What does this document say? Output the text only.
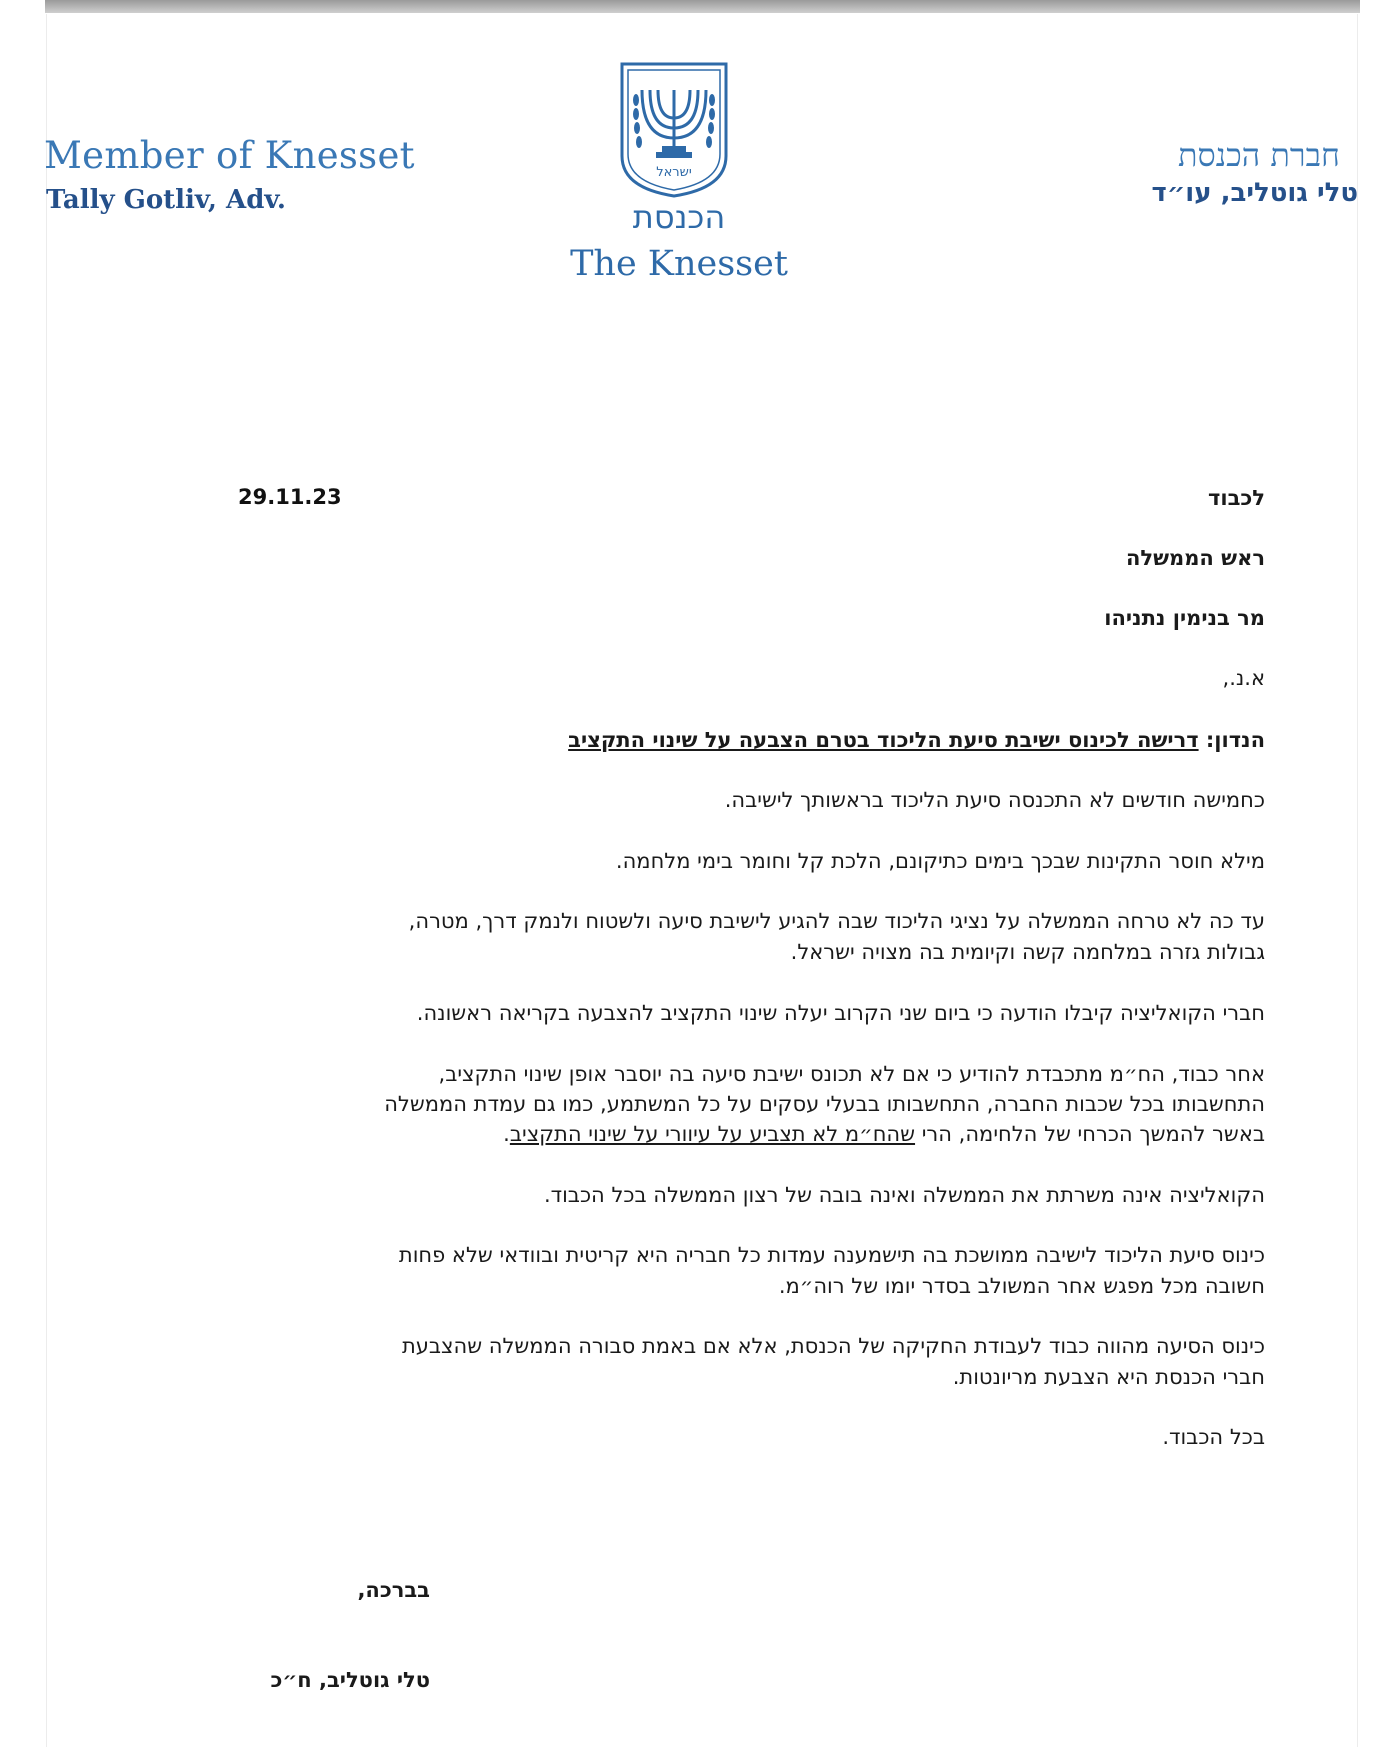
Member of Knesset
Tally Gotliv, Adv.
חברת הכנסת
טלי גוטליב, עו״ד
ישראל
הכנסת
The Knesset
29.11.23	לכבוד
ראש הממשלה
מר בנימין נתניהו
א.נ.,
הנדון: דרישה לכינוס ישיבת סיעת הליכוד בטרם הצבעה על שינוי התקציב
כחמישה חודשים לא התכנסה סיעת הליכוד בראשותך לישיבה.
מילא חוסר התקינות שבכך בימים כתיקונם, הלכת קל וחומר בימי מלחמה.
עד כה לא טרחה הממשלה על נציגי הליכוד שבה להגיע לישיבת סיעה ולשטוח ולנמק דרך, מטרה,
גבולות גזרה במלחמה קשה וקיומית בה מצויה ישראל.
חברי הקואליציה קיבלו הודעה כי ביום שני הקרוב יעלה שינוי התקציב להצבעה בקריאה ראשונה.
אחר כבוד, הח״מ מתכבדת להודיע כי אם לא תכונס ישיבת סיעה בה יוסבר אופן שינוי התקציב,
התחשבותו בכל שכבות החברה, התחשבותו בבעלי עסקים על כל המשתמע, כמו גם עמדת הממשלה
באשר להמשך הכרחי של הלחימה, הרי שהח״מ לא תצביע על עיוורי על שינוי התקציב.
הקואליציה אינה משרתת את הממשלה ואינה בובה של רצון הממשלה בכל הכבוד.
כינוס סיעת הליכוד לישיבה ממושכת בה תישמענה עמדות כל חבריה היא קריטית ובוודאי שלא פחות
חשובה מכל מפגש אחר המשולב בסדר יומו של רוה״מ.
כינוס הסיעה מהווה כבוד לעבודת החקיקה של הכנסת, אלא אם באמת סבורה הממשלה שהצבעת
חברי הכנסת היא הצבעת מריונטות.
בכל הכבוד.
בברכה,
טלי גוטליב, ח״כ
